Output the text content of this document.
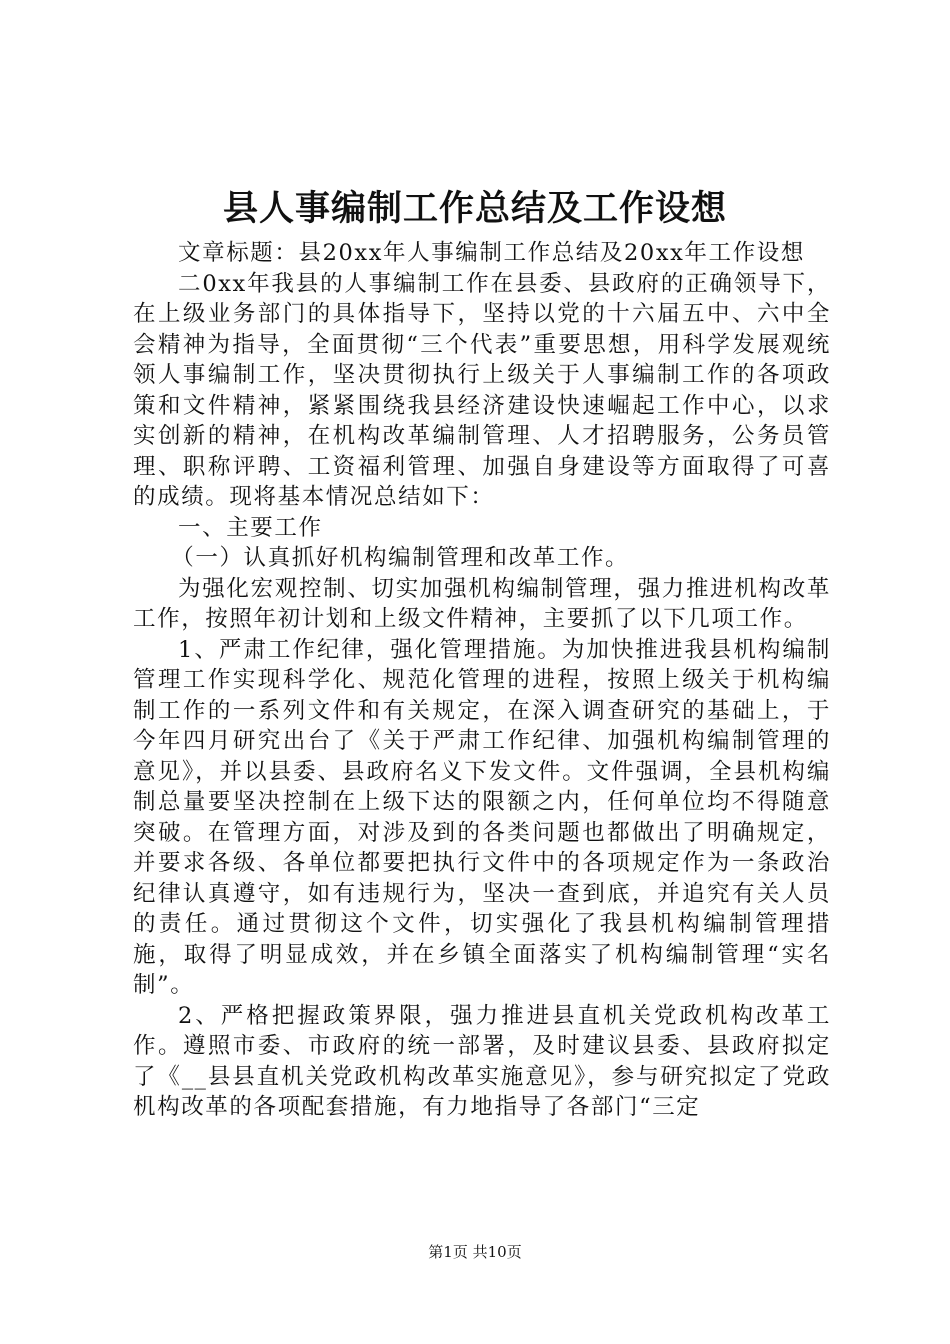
县人事编制工作总结及工作设想

文章标题：县20xx年人事编制工作总结及20xx年工作设想

二0xx年我县的人事编制工作在县委、县政府的正确领导下，在上级业务部门的具体指导下，坚持以党的十六届五中、六中全会精神为指导，全面贯彻“三个代表”重要思想，用科学发展观统领人事编制工作，坚决贯彻执行上级关于人事编制工作的各项政策和文件精神，紧紧围绕我县经济建设快速崛起工作中心，以求实创新的精神，在机构改革编制管理、人才招聘服务，公务员管理、职称评聘、工资福利管理、加强自身建设等方面取得了可喜的成绩。现将基本情况总结如下：

一、主要工作

（一）认真抓好机构编制管理和改革工作。

为强化宏观控制、切实加强机构编制管理，强力推进机构改革工作，按照年初计划和上级文件精神，主要抓了以下几项工作。

1、严肃工作纪律，强化管理措施。为加快推进我县机构编制管理工作实现科学化、规范化管理的进程，按照上级关于机构编制工作的一系列文件和有关规定，在深入调查研究的基础上，于今年四月研究出台了《关于严肃工作纪律、加强机构编制管理的意见》，并以县委、县政府名义下发文件。文件强调，全县机构编制总量要坚决控制在上级下达的限额之内，任何单位均不得随意突破。在管理方面，对涉及到的各类问题也都做出了明确规定，并要求各级、各单位都要把执行文件中的各项规定作为一条政治纪律认真遵守，如有违规行为，坚决一查到底，并追究有关人员的责任。通过贯彻这个文件，切实强化了我县机构编制管理措施，取得了明显成效，并在乡镇全面落实了机构编制管理“实名制”。

2、严格把握政策界限，强力推进县直机关党政机构改革工作。遵照市委、市政府的统一部署，及时建议县委、县政府拟定了《__县县直机关党政机构改革实施意见》，参与研究拟定了党政机构改革的各项配套措施，有力地指导了各部门“三定

第1页 共10页
